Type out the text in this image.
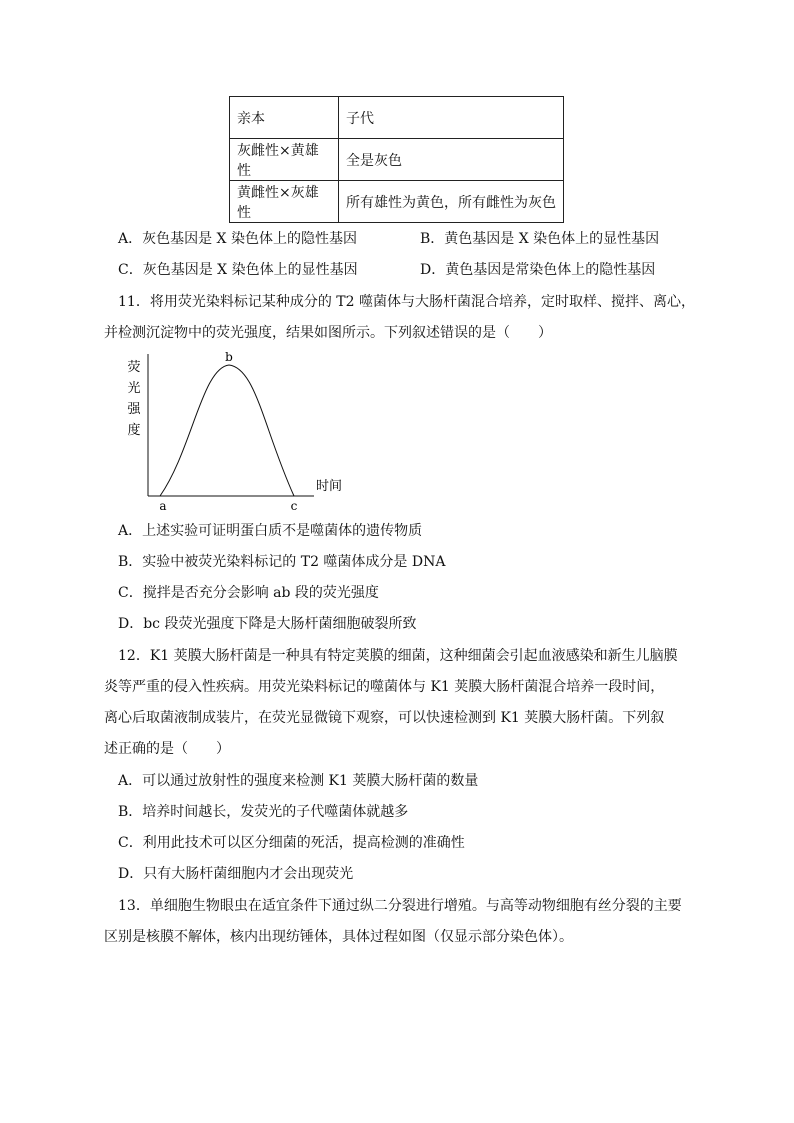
亲本	子代
灰雌性×黄雄性	全是灰色
黄雌性×灰雄性	所有雄性为黄色，所有雌性为灰色
A．灰色基因是 X 染色体上的隐性基因	B．黄色基因是 X 染色体上的显性基因
C．灰色基因是 X 染色体上的显性基因	D．黄色基因是常染色体上的隐性基因
11．将用荧光染料标记某种成分的 T2 噬菌体与大肠杆菌混合培养，定时取样、搅拌、离心，
并检测沉淀物中的荧光强度，结果如图所示。下列叙述错误的是（　　）
荧
光
强
度
时间
a
b
c
A．上述实验可证明蛋白质不是噬菌体的遗传物质
B．实验中被荧光染料标记的 T2 噬菌体成分是 DNA
C．搅拌是否充分会影响 ab 段的荧光强度
D．bc 段荧光强度下降是大肠杆菌细胞破裂所致
12．K1 荚膜大肠杆菌是一种具有特定荚膜的细菌，这种细菌会引起血液感染和新生儿脑膜
炎等严重的侵入性疾病。用荧光染料标记的噬菌体与 K1 荚膜大肠杆菌混合培养一段时间，
离心后取菌液制成装片，在荧光显微镜下观察，可以快速检测到 K1 荚膜大肠杆菌。下列叙
述正确的是（　　）
A．可以通过放射性的强度来检测 K1 荚膜大肠杆菌的数量
B．培养时间越长，发荧光的子代噬菌体就越多
C．利用此技术可以区分细菌的死活，提高检测的准确性
D．只有大肠杆菌细胞内才会出现荧光
13．单细胞生物眼虫在适宜条件下通过纵二分裂进行增殖。与高等动物细胞有丝分裂的主要
区别是核膜不解体，核内出现纺锤体，具体过程如图（仅显示部分染色体）。
